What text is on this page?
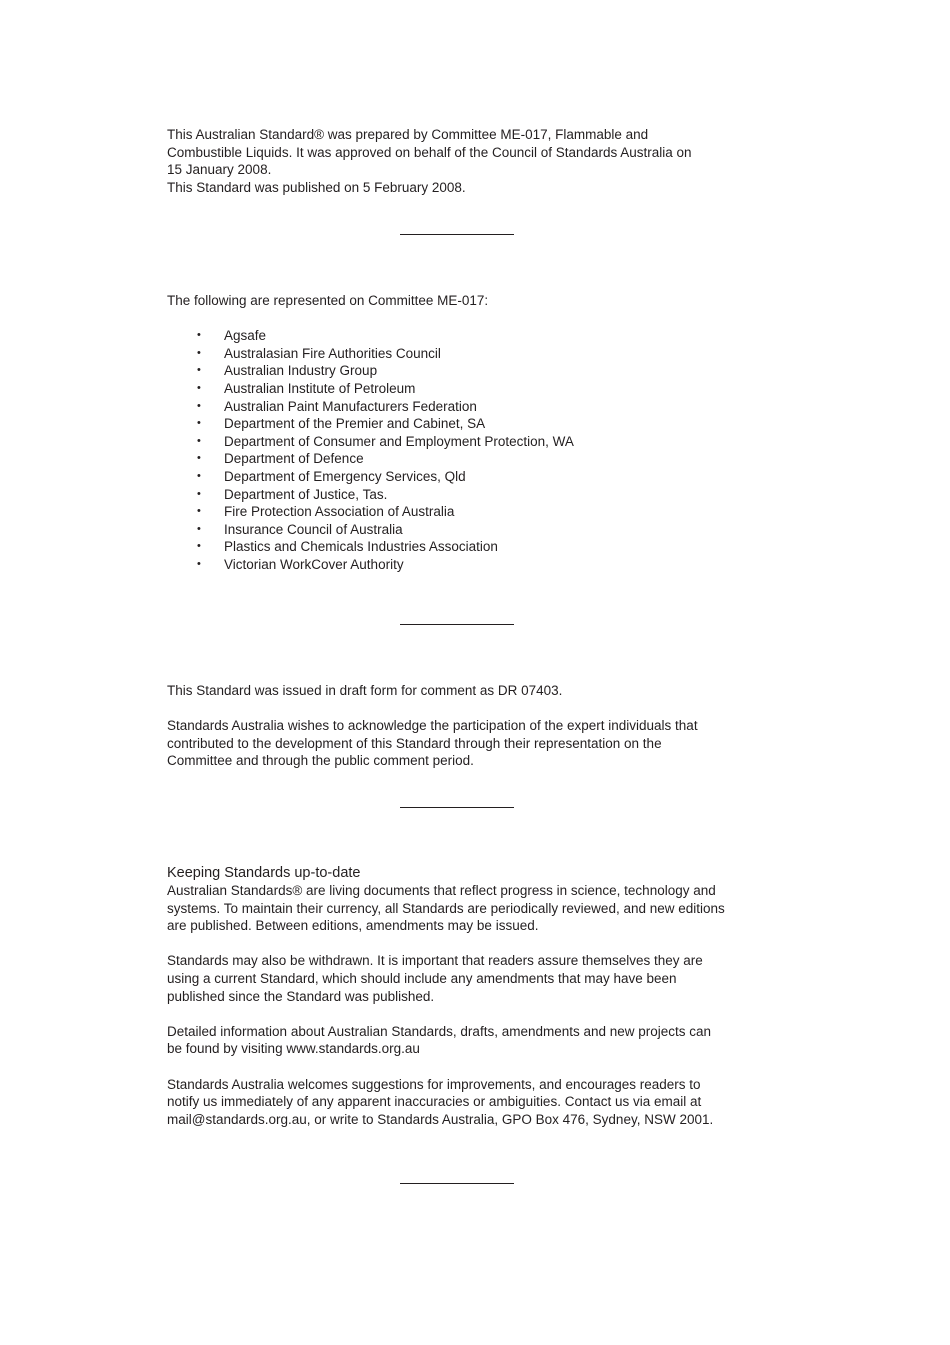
This Australian Standard® was prepared by Committee ME-017, Flammable and
Combustible Liquids. It was approved on behalf of the Council of Standards Australia on
15 January 2008.
This Standard was published on 5 February 2008.
The following are represented on Committee ME-017:
• Agsafe
• Australasian Fire Authorities Council
• Australian Industry Group
• Australian Institute of Petroleum
• Australian Paint Manufacturers Federation
• Department of the Premier and Cabinet, SA
• Department of Consumer and Employment Protection, WA
• Department of Defence
• Department of Emergency Services, Qld
• Department of Justice, Tas.
• Fire Protection Association of Australia
• Insurance Council of Australia
• Plastics and Chemicals Industries Association
• Victorian WorkCover Authority
This Standard was issued in draft form for comment as DR 07403.
Standards Australia wishes to acknowledge the participation of the expert individuals that
contributed to the development of this Standard through their representation on the
Committee and through the public comment period.
Keeping Standards up-to-date
Australian Standards® are living documents that reflect progress in science, technology and
systems. To maintain their currency, all Standards are periodically reviewed, and new editions
are published. Between editions, amendments may be issued.
Standards may also be withdrawn. It is important that readers assure themselves they are
using a current Standard, which should include any amendments that may have been
published since the Standard was published.
Detailed information about Australian Standards, drafts, amendments and new projects can
be found by visiting www.standards.org.au
Standards Australia welcomes suggestions for improvements, and encourages readers to
notify us immediately of any apparent inaccuracies or ambiguities. Contact us via email at
mail@standards.org.au, or write to Standards Australia, GPO Box 476, Sydney, NSW 2001.
